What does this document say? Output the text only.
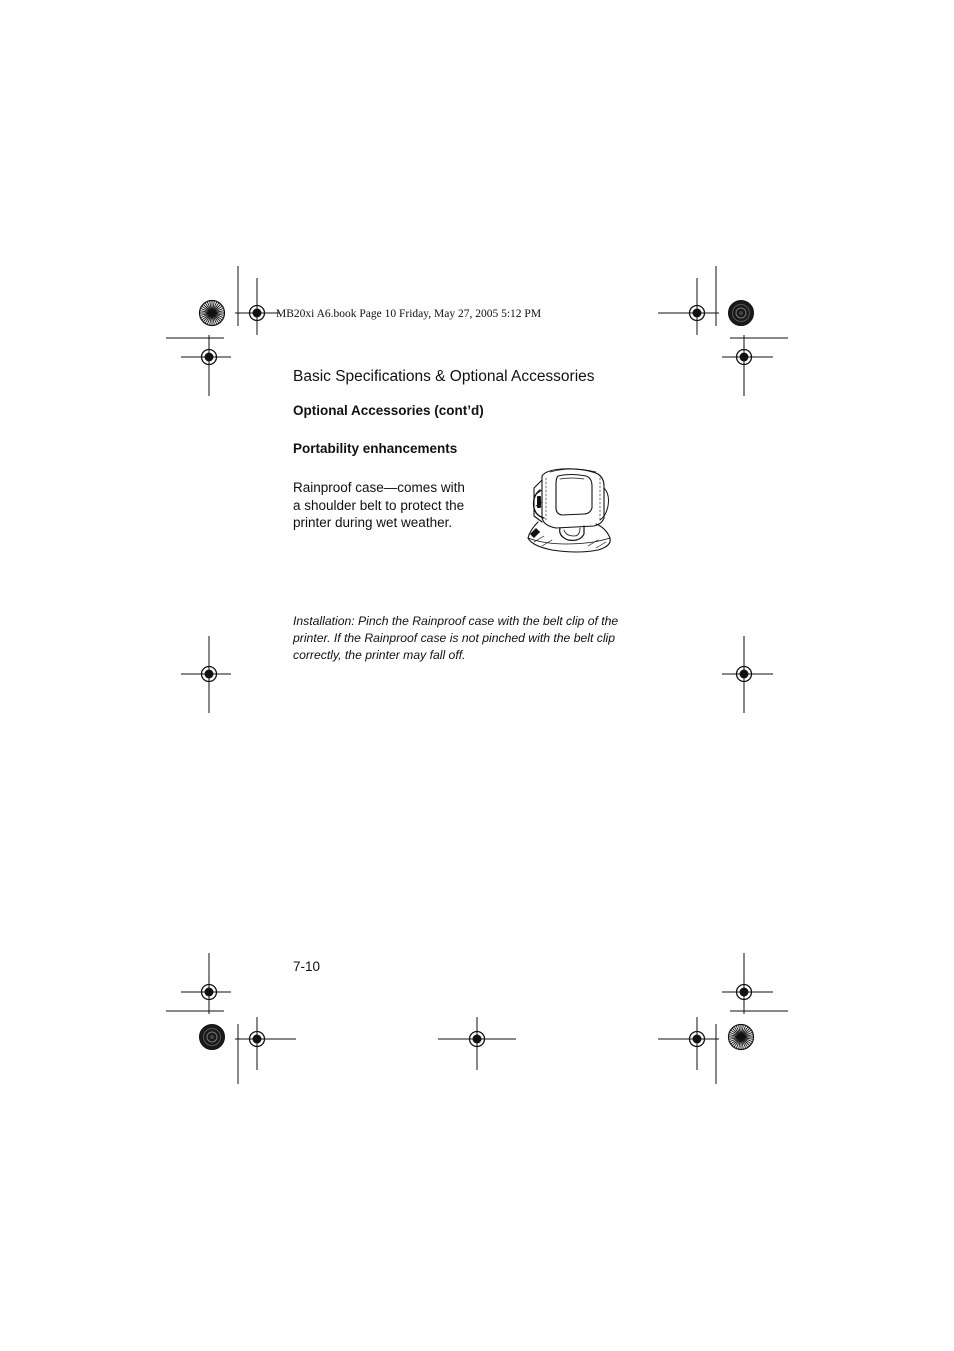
MB20xi A6.book Page 10 Friday, May 27, 2005 5:12 PM
Basic Specifications & Optional Accessories
Optional Accessories (cont’d)
Portability enhancements
Rainproof case—comes with
a shoulder belt to protect the
printer during wet weather.
Installation: Pinch the Rainproof case with the belt clip of the
printer. If the Rainproof case is not pinched with the belt clip
correctly, the printer may fall off.
7-10
